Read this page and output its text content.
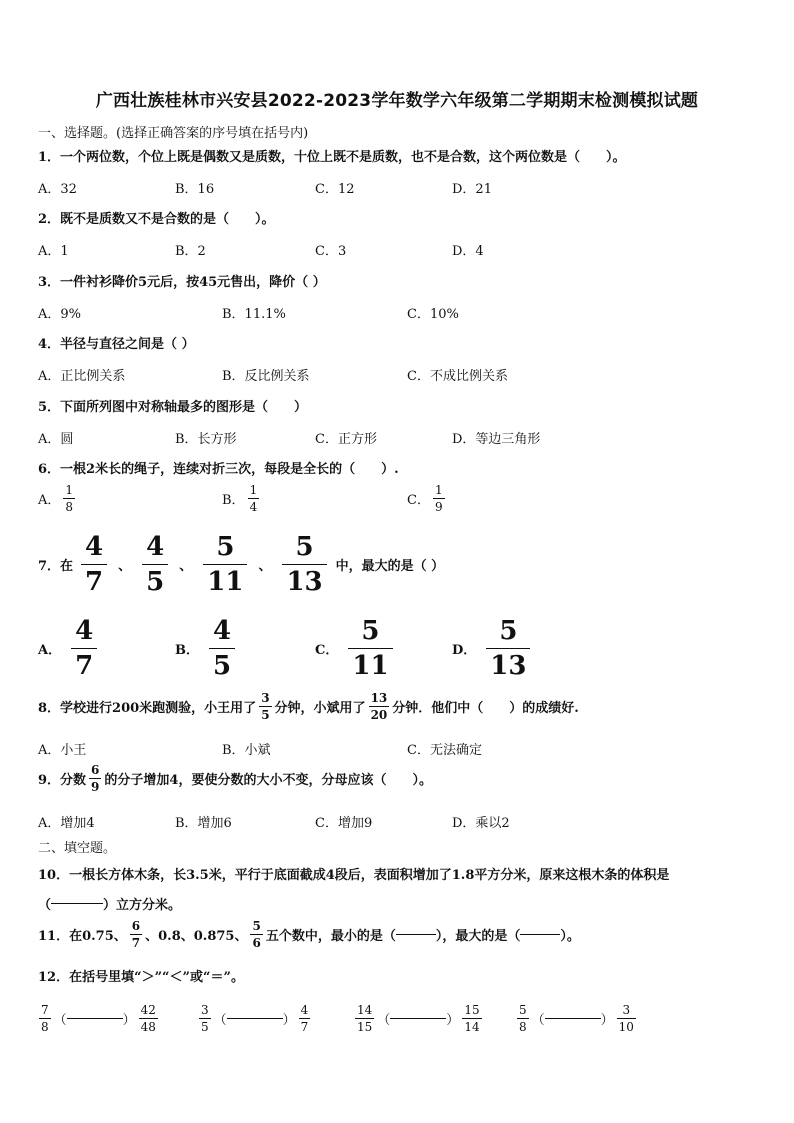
广西壮族桂林市兴安县2022-2023学年数学六年级第二学期期末检测模拟试题
一、选择题。(选择正确答案的序号填在括号内)
1．一个两位数，个位上既是偶数又是质数，十位上既不是质数，也不是合数，这个两位数是（　　）。
A．32	B．16	C．12	D．21
2．既不是质数又不是合数的是（　　）。
A．1	B．2	C．3	D．4
3．一件衬衫降价5元后，按45元售出，降价（ ）
A．9%	B．11.1%	C．10%
4．半径与直径之间是（ ）
A．正比例关系	B．反比例关系	C．不成比例关系
5．下面所列图中对称轴最多的图形是（　　）
A．圆	B．长方形	C．正方形	D．等边三角形
6．一根2米长的绳子，连续对折三次，每段是全长的（　　）.
A． $\frac{1}{8}$	B． $\frac{1}{4}$	C． $\frac{1}{9}$
7．在 $\frac{4}{7}$ 、 $\frac{4}{5}$ 、 $\frac{5}{11}$ 、 $\frac{5}{13}$ 中，最大的是（ ）
A． $\frac{4}{7}$	B． $\frac{4}{5}$	C． $\frac{5}{11}$	D． $\frac{5}{13}$
8．学校进行200米跑测验，小王用了 $\frac{3}{5}$ 分钟，小斌用了 $\frac{13}{20}$ 分钟．他们中（　　）的成绩好.
A．小王	B．小斌	C．无法确定
9．分数 $\frac{6}{9}$ 的分子增加4，要使分数的大小不变，分母应该（　　）。
A．增加4	B．增加6	C．增加9	D．乘以2
二、填空题。
10．一根长方体木条，长3.5米，平行于底面截成4段后，表面积增加了1.8平方分米，原来这根木条的体积是
（	）立方分米。
11．在0.75、 $\frac{6}{7}$ 、0.8、0.875、 $\frac{5}{6}$ 五个数中，最小的是（	），最大的是（	）。
12．在括号里填“＞”“＜”或“＝”。
$\frac{7}{8}$ （	） $\frac{42}{48}$	$\frac{3}{5}$ （	） $\frac{4}{7}$	$\frac{14}{15}$ （	） $\frac{15}{14}$	$\frac{5}{8}$ （	） $\frac{3}{10}$
